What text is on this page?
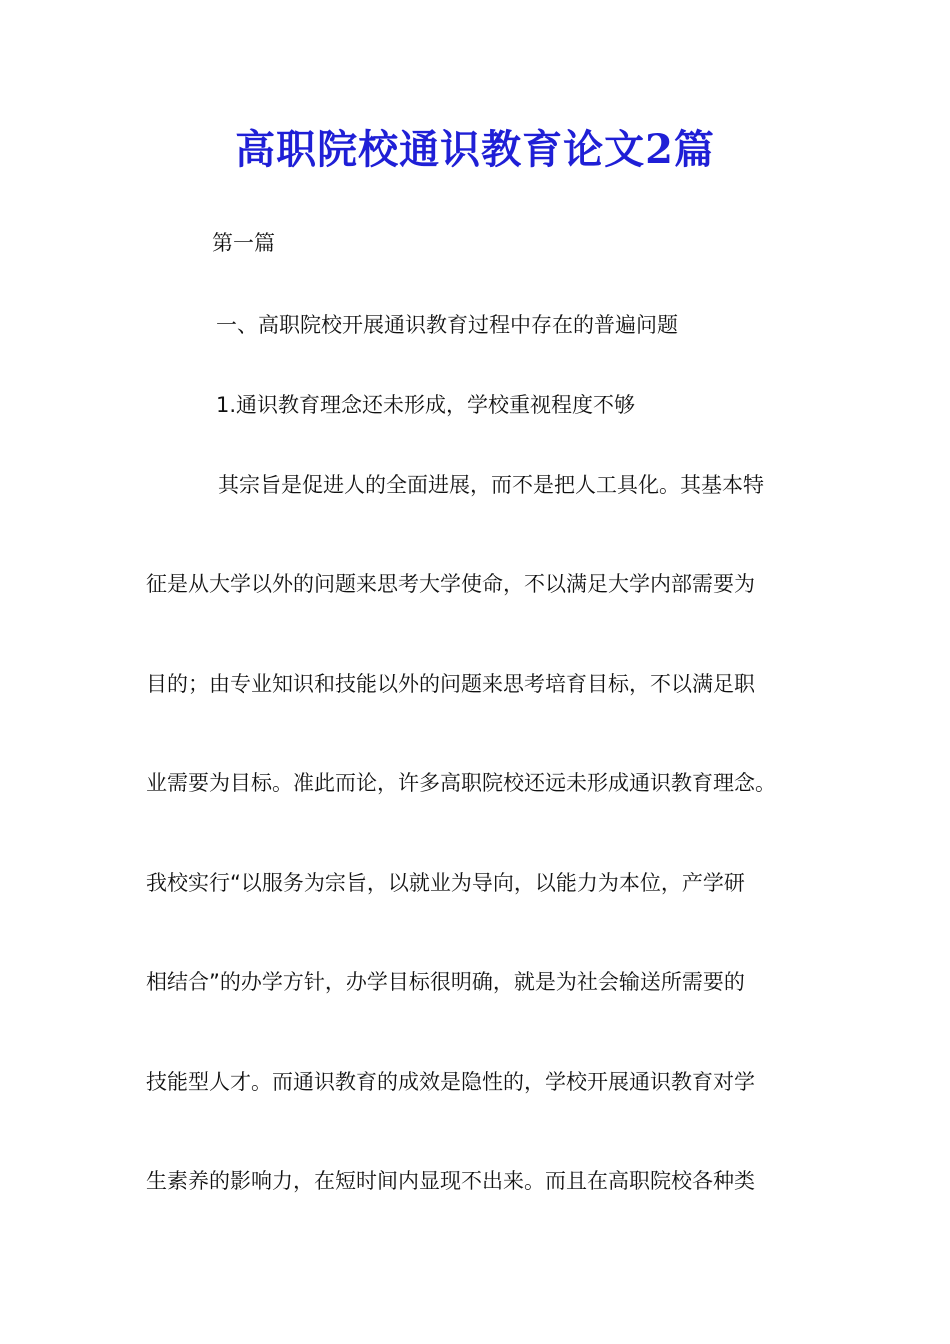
高职院校通识教育论文2篇

第一篇

一、高职院校开展通识教育过程中存在的普遍问题

1.通识教育理念还未形成，学校重视程度不够

其宗旨是促进人的全面进展，而不是把人工具化。其基本特

征是从大学以外的问题来思考大学使命，不以满足大学内部需要为

目的；由专业知识和技能以外的问题来思考培育目标，不以满足职

业需要为目标。准此而论，许多高职院校还远未形成通识教育理念。

我校实行“以服务为宗旨，以就业为导向，以能力为本位，产学研

相结合”的办学方针，办学目标很明确，就是为社会输送所需要的

技能型人才。而通识教育的成效是隐性的，学校开展通识教育对学

生素养的影响力，在短时间内显现不出来。而且在高职院校各种类
